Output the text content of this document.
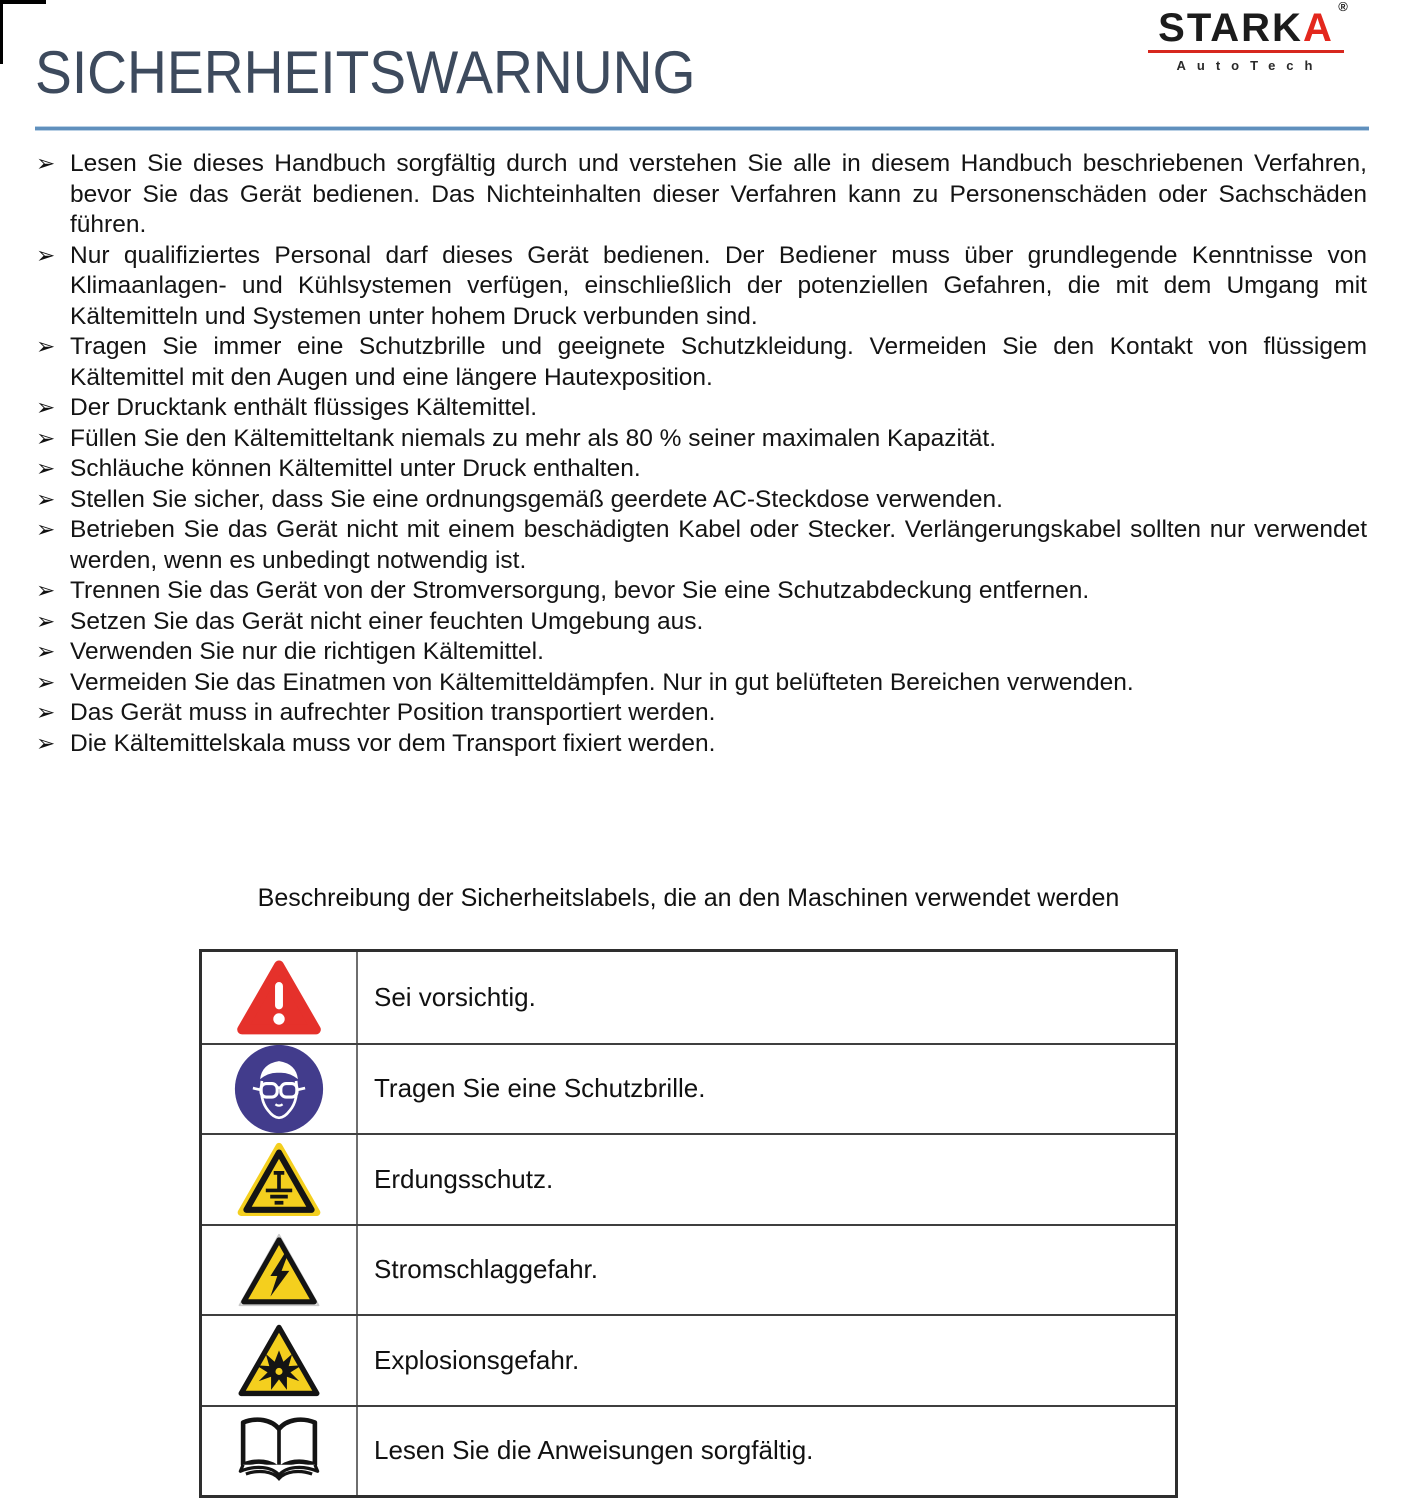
STARKA ®
AutoTech
SICHERHEITSWARNUNG
➢ Lesen Sie dieses Handbuch sorgfältig durch und verstehen Sie alle in diesem Handbuch beschriebenen Verfahren, bevor Sie das Gerät bedienen. Das Nichteinhalten dieser Verfahren kann zu Personenschäden oder Sachschäden führen.
➢ Nur qualifiziertes Personal darf dieses Gerät bedienen. Der Bediener muss über grundlegende Kenntnisse von Klimaanlagen- und Kühlsystemen verfügen, einschließlich der potenziellen Gefahren, die mit dem Umgang mit Kältemitteln und Systemen unter hohem Druck verbunden sind.
➢ Tragen Sie immer eine Schutzbrille und geeignete Schutzkleidung. Vermeiden Sie den Kontakt von flüssigem Kältemittel mit den Augen und eine längere Hautexposition.
➢ Der Drucktank enthält flüssiges Kältemittel.
➢ Füllen Sie den Kältemitteltank niemals zu mehr als 80 % seiner maximalen Kapazität.
➢ Schläuche können Kältemittel unter Druck enthalten.
➢ Stellen Sie sicher, dass Sie eine ordnungsgemäß geerdete AC-Steckdose verwenden.
➢ Betrieben Sie das Gerät nicht mit einem beschädigten Kabel oder Stecker. Verlängerungskabel sollten nur verwendet werden, wenn es unbedingt notwendig ist.
➢ Trennen Sie das Gerät von der Stromversorgung, bevor Sie eine Schutzabdeckung entfernen.
➢ Setzen Sie das Gerät nicht einer feuchten Umgebung aus.
➢ Verwenden Sie nur die richtigen Kältemittel.
➢ Vermeiden Sie das Einatmen von Kältemitteldämpfen. Nur in gut belüfteten Bereichen verwenden.
➢ Das Gerät muss in aufrechter Position transportiert werden.
➢ Die Kältemittelskala muss vor dem Transport fixiert werden.
Beschreibung der Sicherheitslabels, die an den Maschinen verwendet werden
Sei vorsichtig.
Tragen Sie eine Schutzbrille.
Erdungsschutz.
Stromschlaggefahr.
Explosionsgefahr.
Lesen Sie die Anweisungen sorgfältig.
